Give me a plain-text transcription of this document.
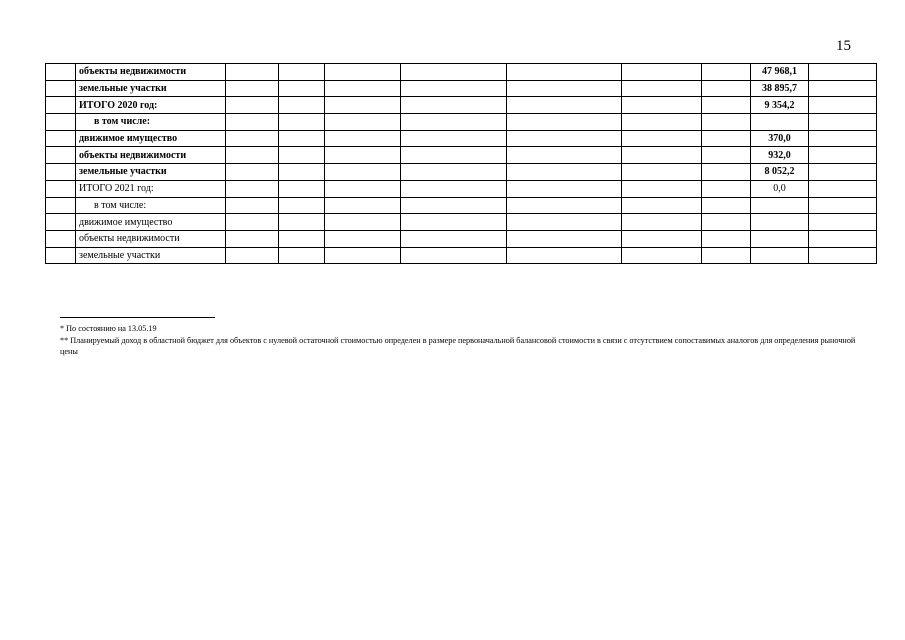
15
	объекты недвижимости								47 968,1	
	земельные участки								38 895,7	
	ИТОГО 2020 год:								9 354,2	
	в том числе:									
	движимое имущество								370,0	
	объекты недвижимости								932,0	
	земельные участки								8 052,2	
	ИТОГО 2021 год:								0,0	
	в том числе:									
	движимое имущество									
	объекты недвижимости									
	земельные участки									

* По состоянию на 13.05.19

** Планируемый доход в областной бюджет для объектов с нулевой остаточной стоимостью определен в размере первоначальной балансовой стоимости в связи с отсутствием сопоставимых аналогов для определения рыночной цены
